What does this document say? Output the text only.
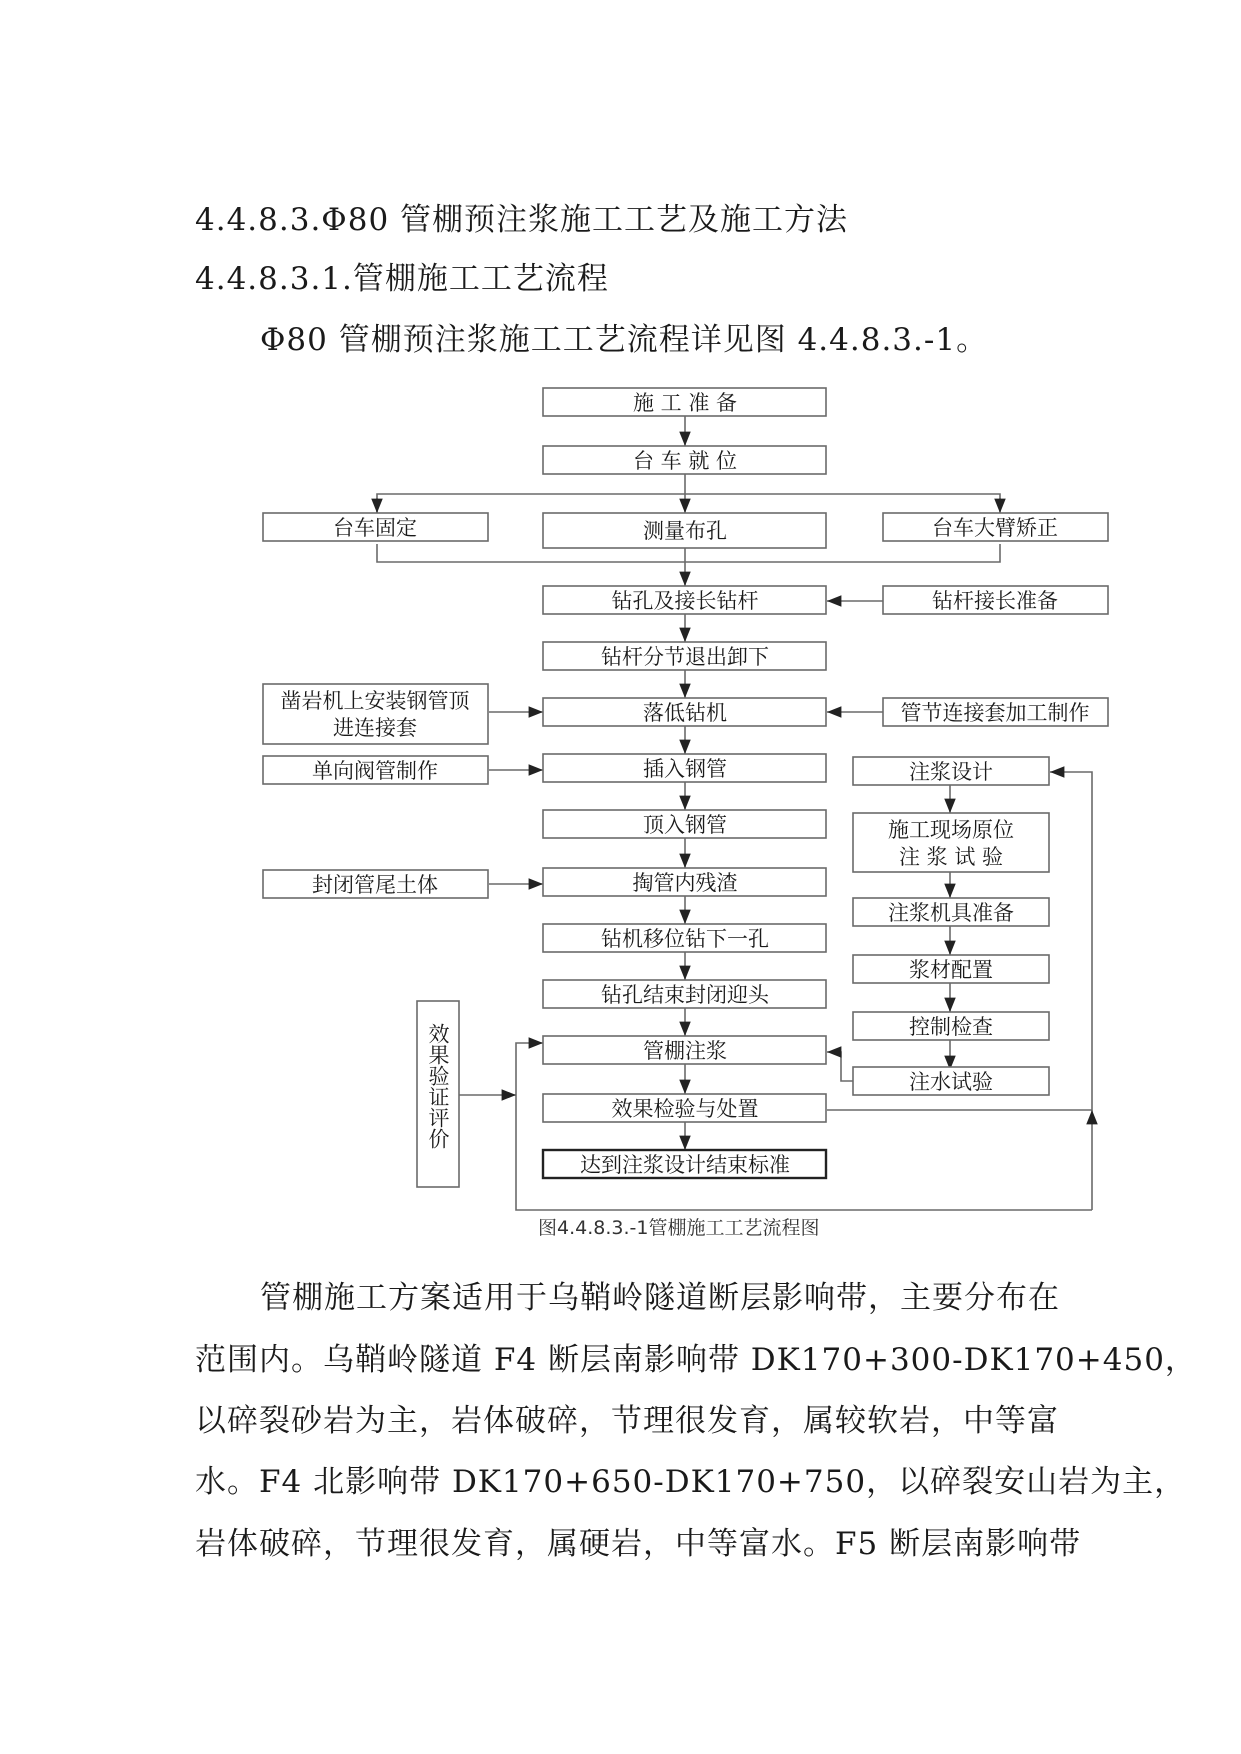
4.4.8.3.Φ80 管棚预注浆施工工艺及施工方法
4.4.8.3.1.管棚施工工艺流程
Φ80 管棚预注浆施工工艺流程详见图 4.4.8.3.-1。
施 工 准 备
台 车 就 位
台车固定	测量布孔	台车大臂矫正
钻孔及接长钻杆	钻杆接长准备
钻杆分节退出卸下
凿岩机上安装钢管顶
进连接套
落低钻机	管节连接套加工制作
单向阀管制作	插入钢管	注浆设计
顶入钢管	施工现场原位
注 浆 试 验
封闭管尾土体	掏管内残渣
注浆机具准备
钻机移位钻下一孔
浆材配置
钻孔结束封闭迎头
控制检查
效果验证评价	管棚注浆
注水试验
效果检验与处置
达到注浆设计结束标准
图4.4.8.3.-1管棚施工工艺流程图
管棚施工方案适用于乌鞘岭隧道断层影响带，主要分布在
范围内。乌鞘岭隧道 F4 断层南影响带 DK170+300-DK170+450，
以碎裂砂岩为主，岩体破碎，节理很发育，属较软岩，中等富
水。F4 北影响带 DK170+650-DK170+750，以碎裂安山岩为主，
岩体破碎，节理很发育，属硬岩，中等富水。F5 断层南影响带
